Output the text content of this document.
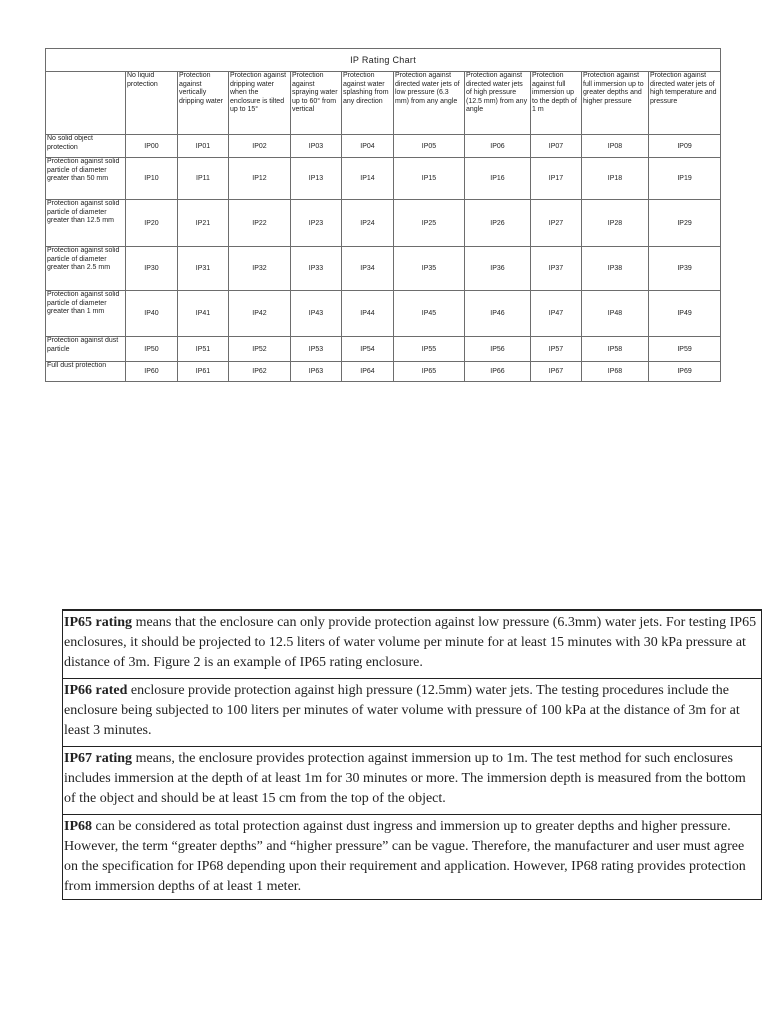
IP Rating Chart										
	No liquid protection	Protection against vertically dripping water	Protection against dripping water when the enclosure is tilted up to 15°	Protection against spraying water up to 60° from vertical	Protection against water splashing from any direction	Protection against directed water jets of low pressure (6.3 mm) from any angle	Protection against directed water jets of high pressure (12.5 mm) from any angle	Protection against full immersion up to the depth of 1 m	Protection against full immersion up to greater depths and higher pressure	Protection against directed water jets of high temperature and pressure
No solid object protection	IP00	IP01	IP02	IP03	IP04	IP05	IP06	IP07	IP08	IP09
Protection against solid particle of diameter greater than 50 mm	IP10	IP11	IP12	IP13	IP14	IP15	IP16	IP17	IP18	IP19
Protection against solid particle of diameter greater than 12.5 mm	IP20	IP21	IP22	IP23	IP24	IP25	IP26	IP27	IP28	IP29
Protection against solid particle of diameter greater than 2.5 mm	IP30	IP31	IP32	IP33	IP34	IP35	IP36	IP37	IP38	IP39
Protection against solid particle of diameter greater than 1 mm	IP40	IP41	IP42	IP43	IP44	IP45	IP46	IP47	IP48	IP49
Protection against dust particle	IP50	IP51	IP52	IP53	IP54	IP55	IP56	IP57	IP58	IP59
Full dust protection	IP60	IP61	IP62	IP63	IP64	IP65	IP66	IP67	IP68	IP69
IP65 rating means that the enclosure can only provide protection against low pressure (6.3mm) water jets. For testing IP65 enclosures, it should be projected to 12.5 liters of water volume per minute for at least 15 minutes with 30 kPa pressure at distance of 3m. Figure 2 is an example of IP65 rating enclosure.
IP66 rated enclosure provide protection against high pressure (12.5mm) water jets. The testing procedures include the enclosure being subjected to 100 liters per minutes of water volume with pressure of 100 kPa at the distance of 3m for at least 3 minutes.
IP67 rating means, the enclosure provides protection against immersion up to 1m. The test method for such enclosures includes immersion at the depth of at least 1m for 30 minutes or more. The immersion depth is measured from the bottom of the object and should be at least 15 cm from the top of the object.
IP68 can be considered as total protection against dust ingress and immersion up to greater depths and higher pressure. However, the term “greater depths” and “higher pressure” can be vague. Therefore, the manufacturer and user must agree on the specification for IP68 depending upon their requirement and application. However, IP68 rating provides protection from immersion depths of at least 1 meter.
